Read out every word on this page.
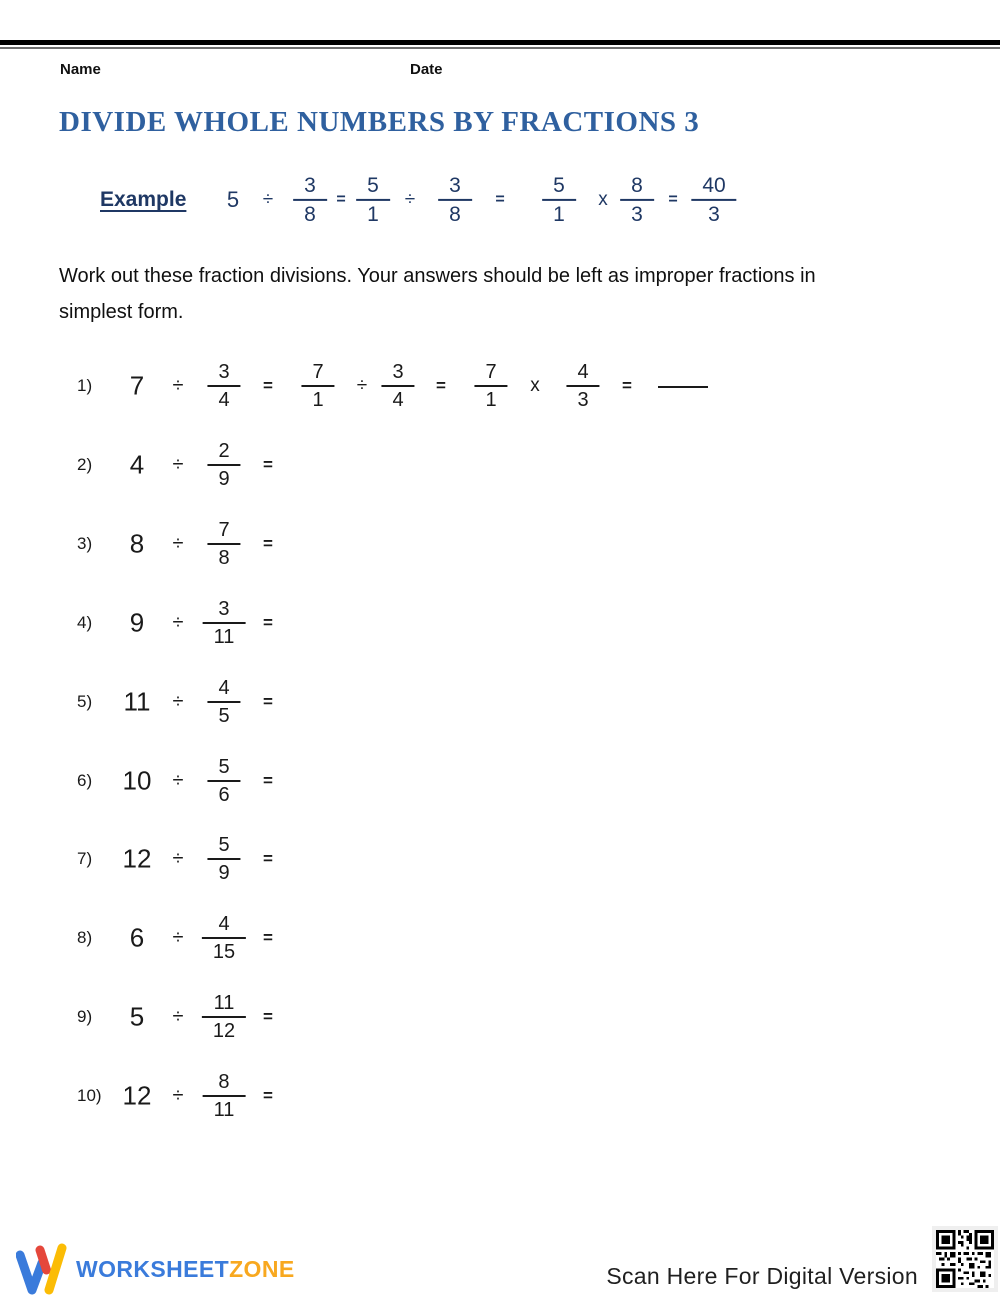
Name	Date
DIVIDE WHOLE NUMBERS BY FRACTIONS 3
Example 5 ÷
3
8
=
5
1
÷
3
8
=
5
1
x
8
3
=
40
3
Work out these fraction divisions. Your answers should be left as improper fractions in simplest form.
1) 7 ÷
3
4
=
7
1
÷
3
4
=
7
1
x
4
3
=
2) 4 ÷
2
9
=
3) 8 ÷
7
8
=
4) 9 ÷
3
11
=
5) 11 ÷
4
5
=
6) 10 ÷
5
6
=
7) 12 ÷
5
9
=
8) 6 ÷
4
15
=
9) 5 ÷
11
12
=
10) 12 ÷
8
11
=
WORKSHEETZONE	Scan Here For Digital Version
